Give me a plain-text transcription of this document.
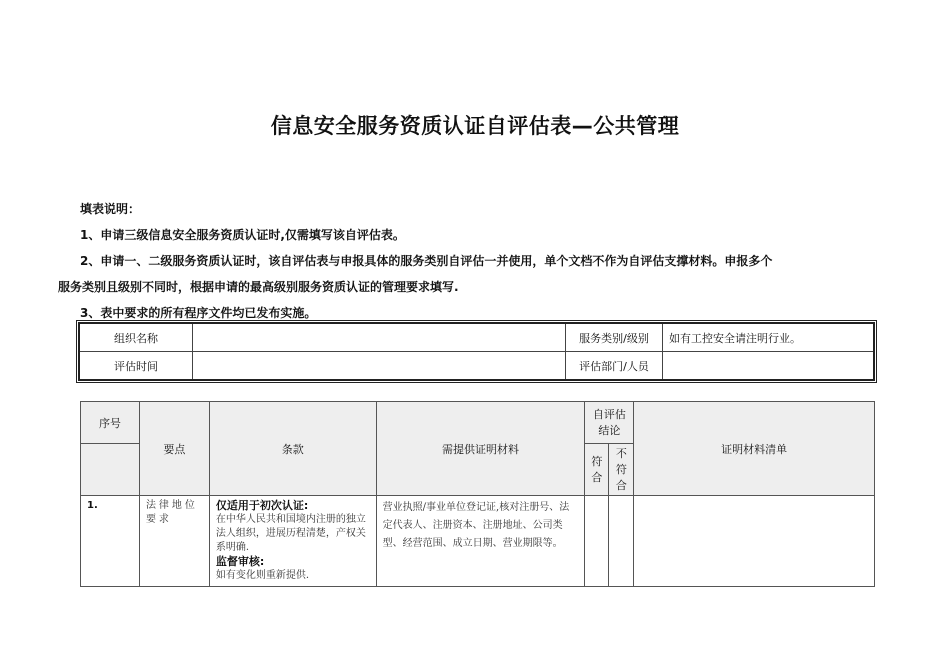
信息安全服务资质认证自评估表—公共管理
填表说明：
1、申请三级信息安全服务资质认证时,仅需填写该自评估表。
2、申请一、二级服务资质认证时，该自评估表与申报具体的服务类别自评估一并使用，单个文档不作为自评估支撑材料。申报多个
服务类别且级别不同时，根据申请的最高级别服务资质认证的管理要求填写.
3、表中要求的所有程序文件均已发布实施。
组织名称		服务类别/级别	如有工控安全请注明行业。
评估时间		评估部门/人员	
序号	要点	条款	需提供证明材料	自评估结论		证明材料清单
				符合	不符合	
1.	法律地位要求	仅适用于初次认证:
在中华人民共和国境内注册的独立法人组织，进展历程清楚，产权关系明确.
监督审核:
如有变化则重新提供.	营业执照/事业单位登记证,核对注册号、法定代表人、注册资本、注册地址、公司类型、经营范围、成立日期、营业期限等。			
